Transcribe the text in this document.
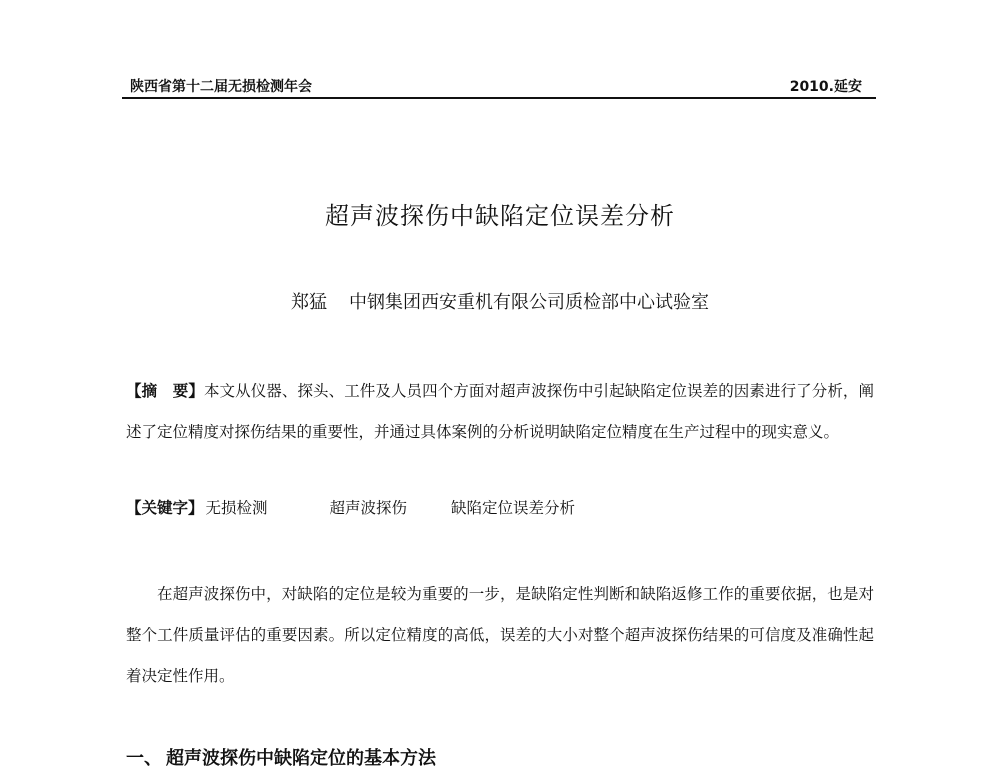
陕西省第十二届无损检测年会	2010.延安
超声波探伤中缺陷定位误差分析
郑猛 中钢集团西安重机有限公司质检部中心试验室
【摘　要】本文从仪器、探头、工件及人员四个方面对超声波探伤中引起缺陷定位误差的因素进行了分析，阐述了定位精度对探伤结果的重要性，并通过具体案例的分析说明缺陷定位精度在生产过程中的现实意义。
【关键字】 无损检测	超声波探伤	缺陷定位误差分析
在超声波探伤中，对缺陷的定位是较为重要的一步，是缺陷定性判断和缺陷返修工作的重要依据，也是对整个工件质量评估的重要因素。所以定位精度的高低，误差的大小对整个超声波探伤结果的可信度及准确性起着决定性作用。
一、 超声波探伤中缺陷定位的基本方法
